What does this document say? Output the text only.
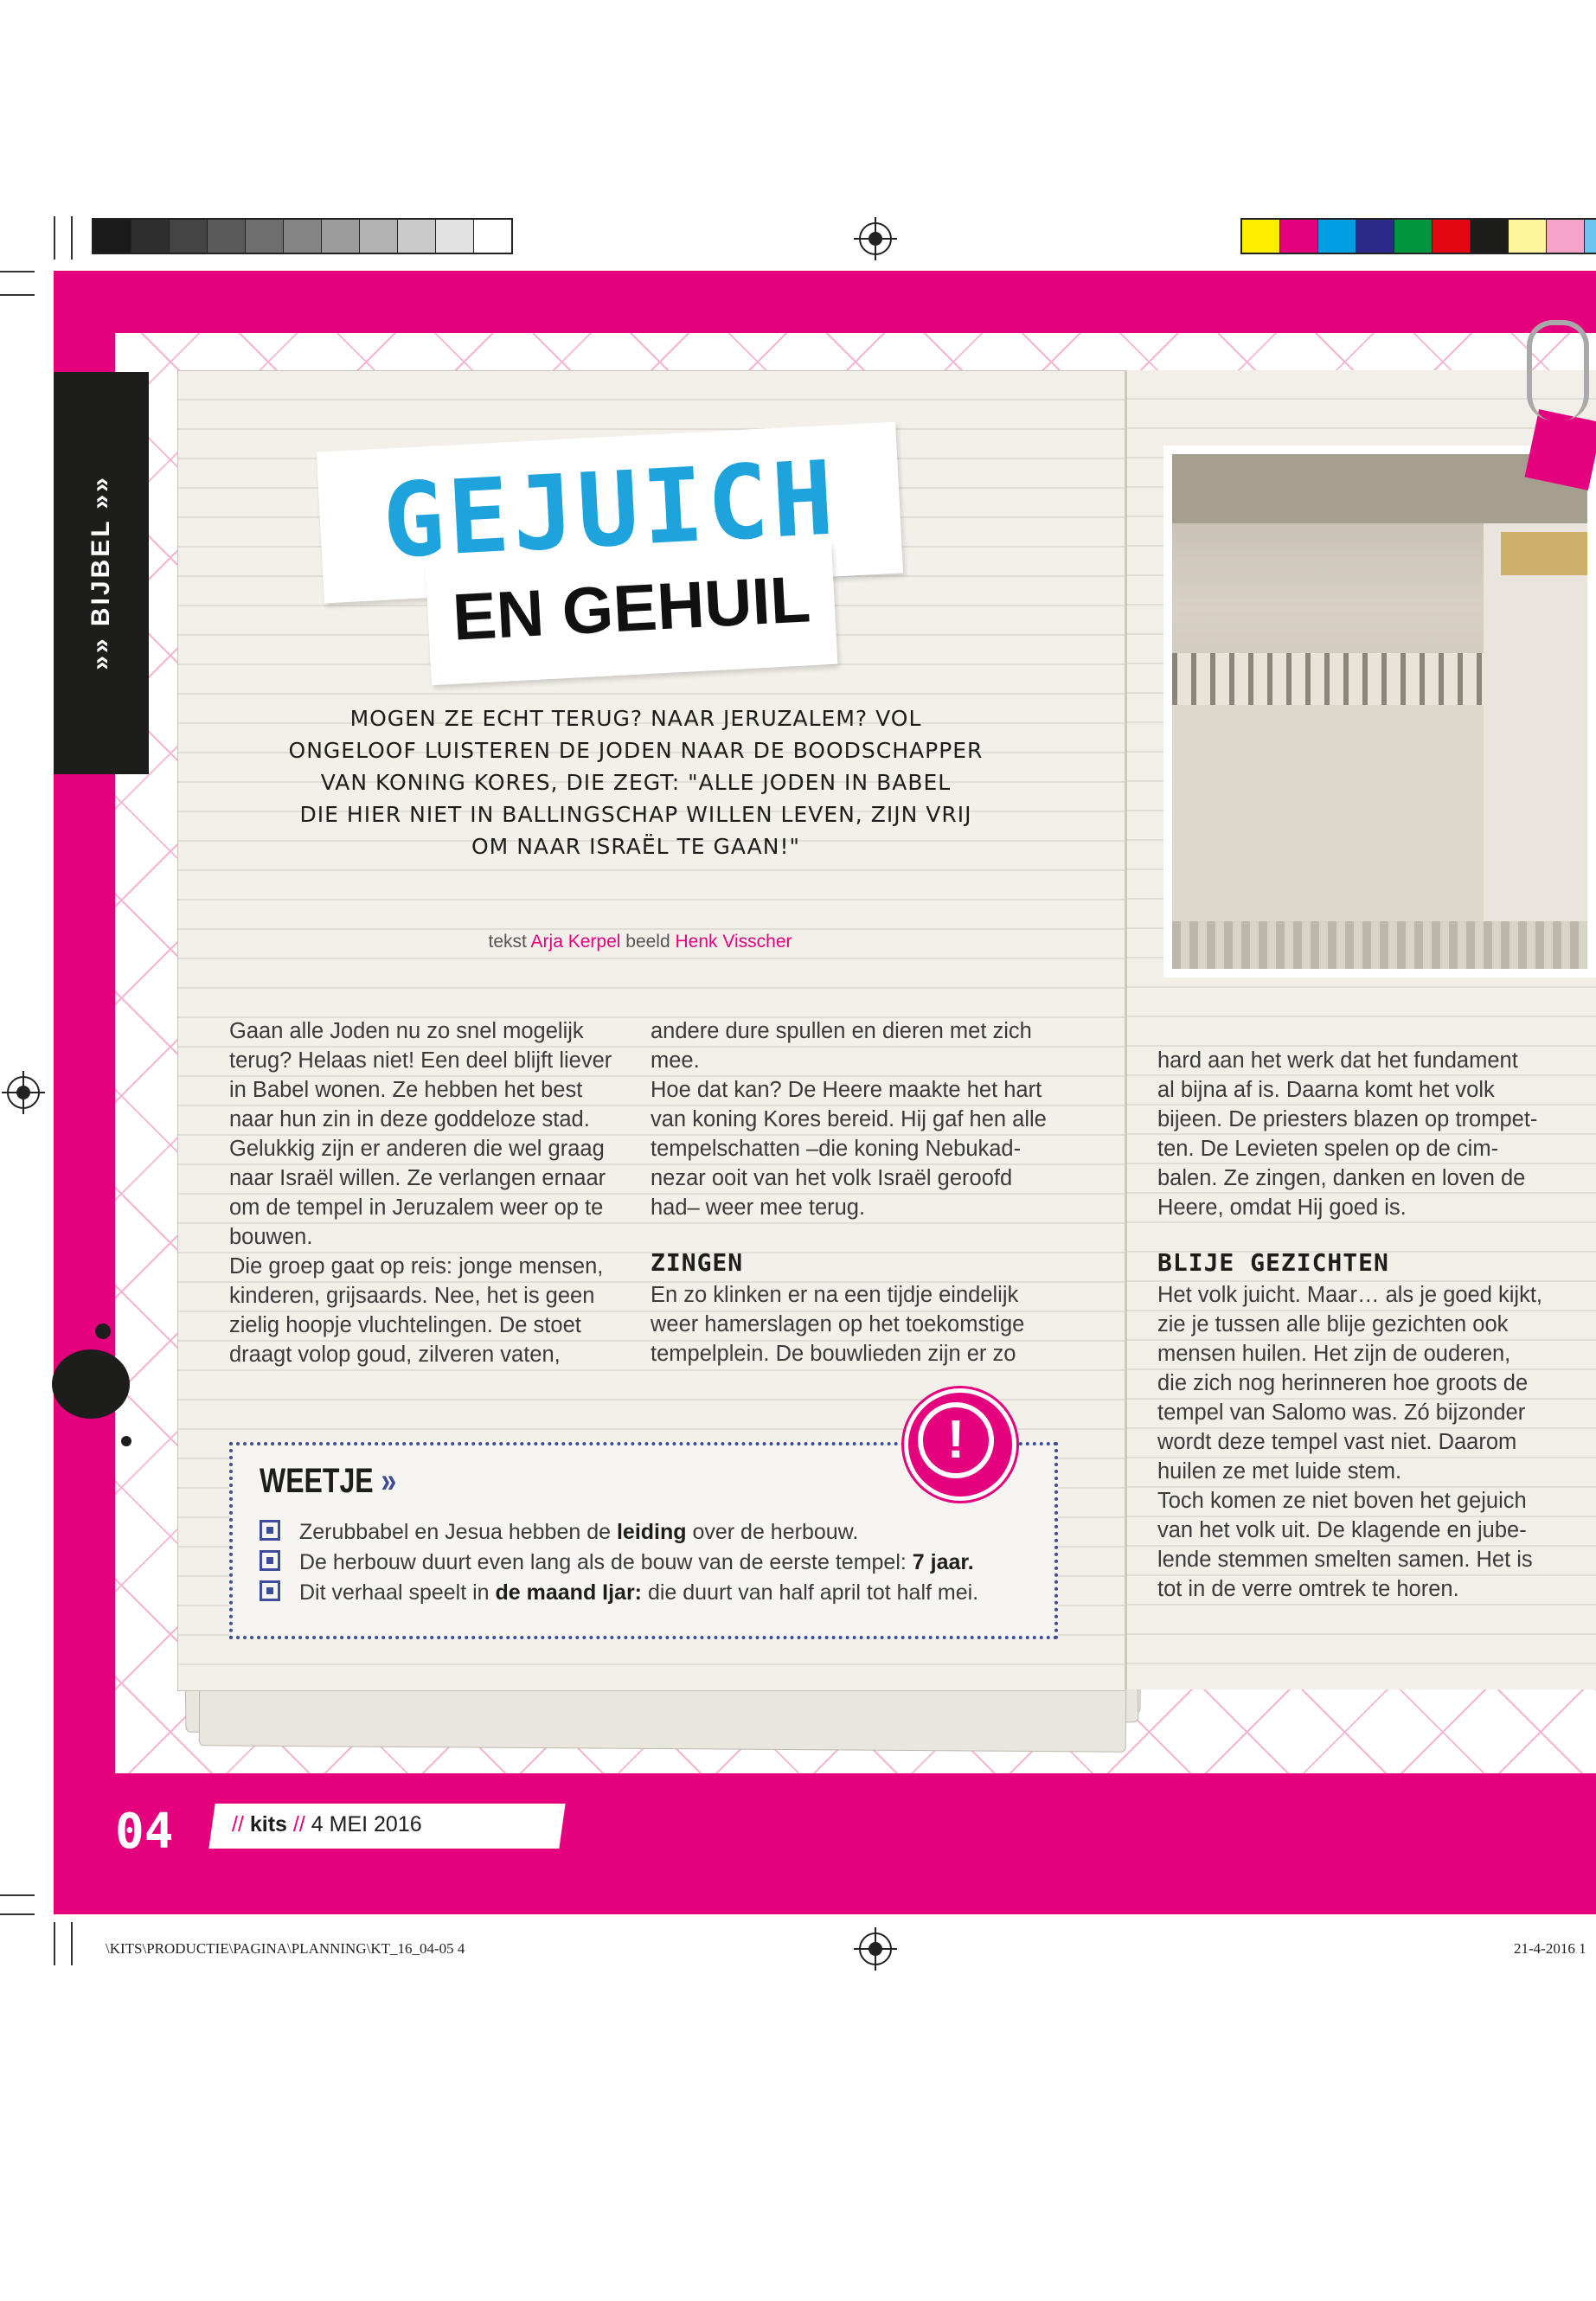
»» BIJBEL »»	GEJUICH
EN GEHUIL
MOGEN ZE ECHT TERUG? NAAR JERUZALEM? VOL
ONGELOOF LUISTEREN DE JODEN NAAR DE BOODSCHAPPER
VAN KONING KORES, DIE ZEGT: "ALLE JODEN IN BABEL
DIE HIER NIET IN BALLINGSCHAP WILLEN LEVEN, ZIJN VRIJ
OM NAAR ISRAËL TE GAAN!"
tekst Arja Kerpel beeld Henk Visscher
Gaan alle Joden nu zo snel mogelijk
terug? Helaas niet! Een deel blijft liever
in Babel wonen. Ze hebben het best
naar hun zin in deze goddeloze stad.
Gelukkig zijn er anderen die wel graag
naar Israël willen. Ze verlangen ernaar
om de tempel in Jeruzalem weer op te
bouwen.
Die groep gaat op reis: jonge mensen,
kinderen, grijsaards. Nee, het is geen
zielig hoopje vluchtelingen. De stoet
draagt volop goud, zilveren vaten,
andere dure spullen en dieren met zich
mee.
Hoe dat kan? De Heere maakte het hart
van koning Kores bereid. Hij gaf hen alle
tempelschatten –die koning Nebukad-
nezar ooit van het volk Israël geroofd
had– weer mee terug.
ZINGEN
En zo klinken er na een tijdje eindelijk
weer hamerslagen op het toekomstige
tempelplein. De bouwlieden zijn er zo
hard aan het werk dat het fundament
al bijna af is. Daarna komt het volk
bijeen. De priesters blazen op trompet-
ten. De Levieten spelen op de cim-
balen. Ze zingen, danken en loven de
Heere, omdat Hij goed is.
BLIJE GEZICHTEN
Het volk juicht. Maar… als je goed kijkt,
zie je tussen alle blije gezichten ook
mensen huilen. Het zijn de ouderen,
die zich nog herinneren hoe groots de
tempel van Salomo was. Zó bijzonder
wordt deze tempel vast niet. Daarom
huilen ze met luide stem.
Toch komen ze niet boven het gejuich
van het volk uit. De klagende en jube-
lende stemmen smelten samen. Het is
tot in de verre omtrek te horen.
WEETJE »
Zerubbabel en Jesua hebben de leiding over de herbouw.
De herbouw duurt even lang als de bouw van de eerste tempel: 7 jaar.
Dit verhaal speelt in de maand Ijar: die duurt van half april tot half mei.
!
04	// kits // 4 MEI 2016
\KITS\PRODUCTIE\PAGINA\PLANNING\KT_16_04-05 4	21-4-2016 1
